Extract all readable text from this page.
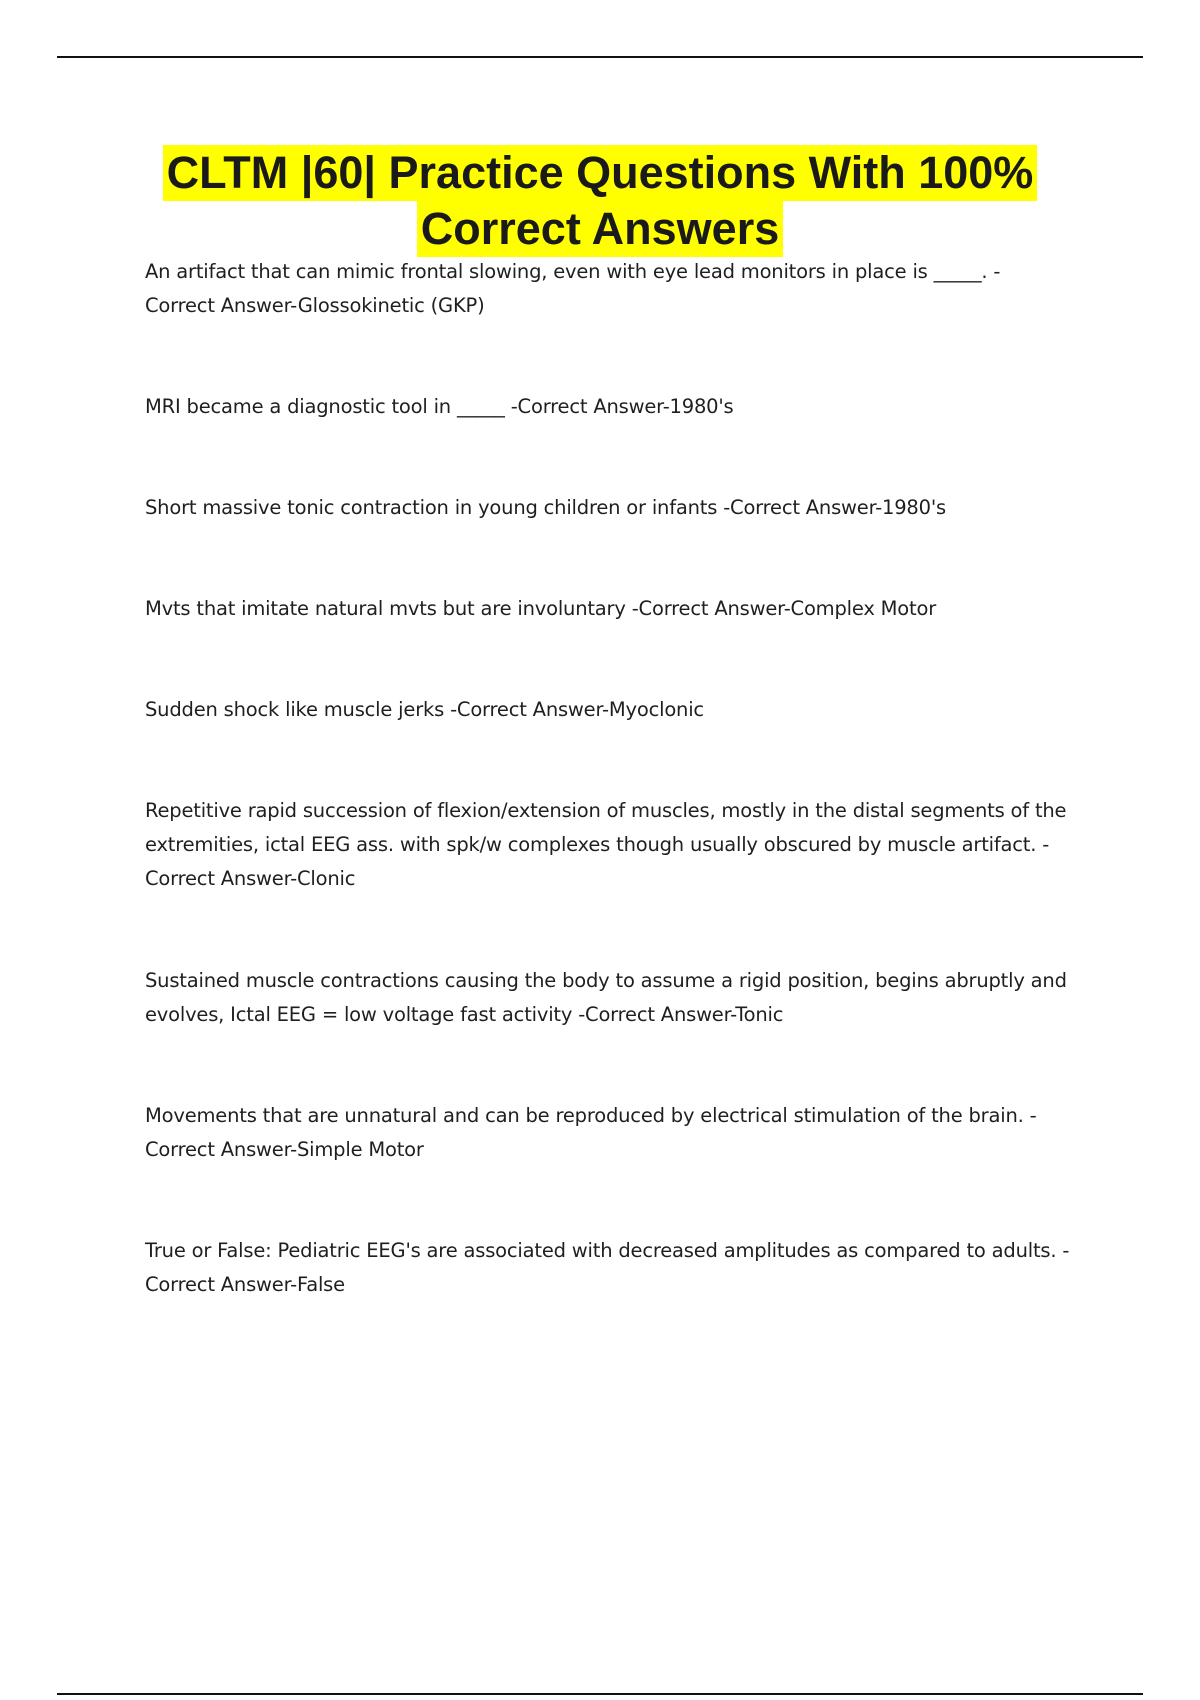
CLTM |60| Practice Questions With 100%
Correct Answers
An artifact that can mimic frontal slowing, even with eye lead monitors in place is _____. -
Correct Answer-Glossokinetic (GKP)
MRI became a diagnostic tool in _____ -Correct Answer-1980's
Short massive tonic contraction in young children or infants -Correct Answer-1980's
Mvts that imitate natural mvts but are involuntary -Correct Answer-Complex Motor
Sudden shock like muscle jerks -Correct Answer-Myoclonic
Repetitive rapid succession of flexion/extension of muscles, mostly in the distal segments of the
extremities, ictal EEG ass. with spk/w complexes though usually obscured by muscle artifact. -
Correct Answer-Clonic
Sustained muscle contractions causing the body to assume a rigid position, begins abruptly and
evolves, Ictal EEG = low voltage fast activity -Correct Answer-Tonic
Movements that are unnatural and can be reproduced by electrical stimulation of the brain. -
Correct Answer-Simple Motor
True or False: Pediatric EEG's are associated with decreased amplitudes as compared to adults. -
Correct Answer-False
